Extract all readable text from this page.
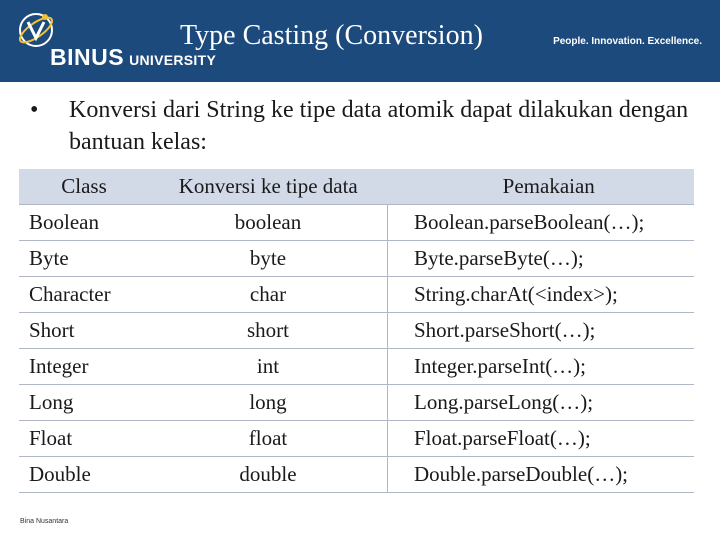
BINUS UNIVERSITY
Type Casting (Conversion)	People. Innovation. Excellence.
•	Konversi dari String ke tipe data atomik dapat dilakukan dengan bantuan kelas:
Class	Konversi ke tipe data	Pemakaian
Boolean	boolean	Boolean.parseBoolean(…);
Byte	byte	Byte.parseByte(…);
Character	char	String.charAt(<index>);
Short	short	Short.parseShort(…);
Integer	int	Integer.parseInt(…);
Long	long	Long.parseLong(…);
Float	float	Float.parseFloat(…);
Double	double	Double.parseDouble(…);
Bina Nusantara
